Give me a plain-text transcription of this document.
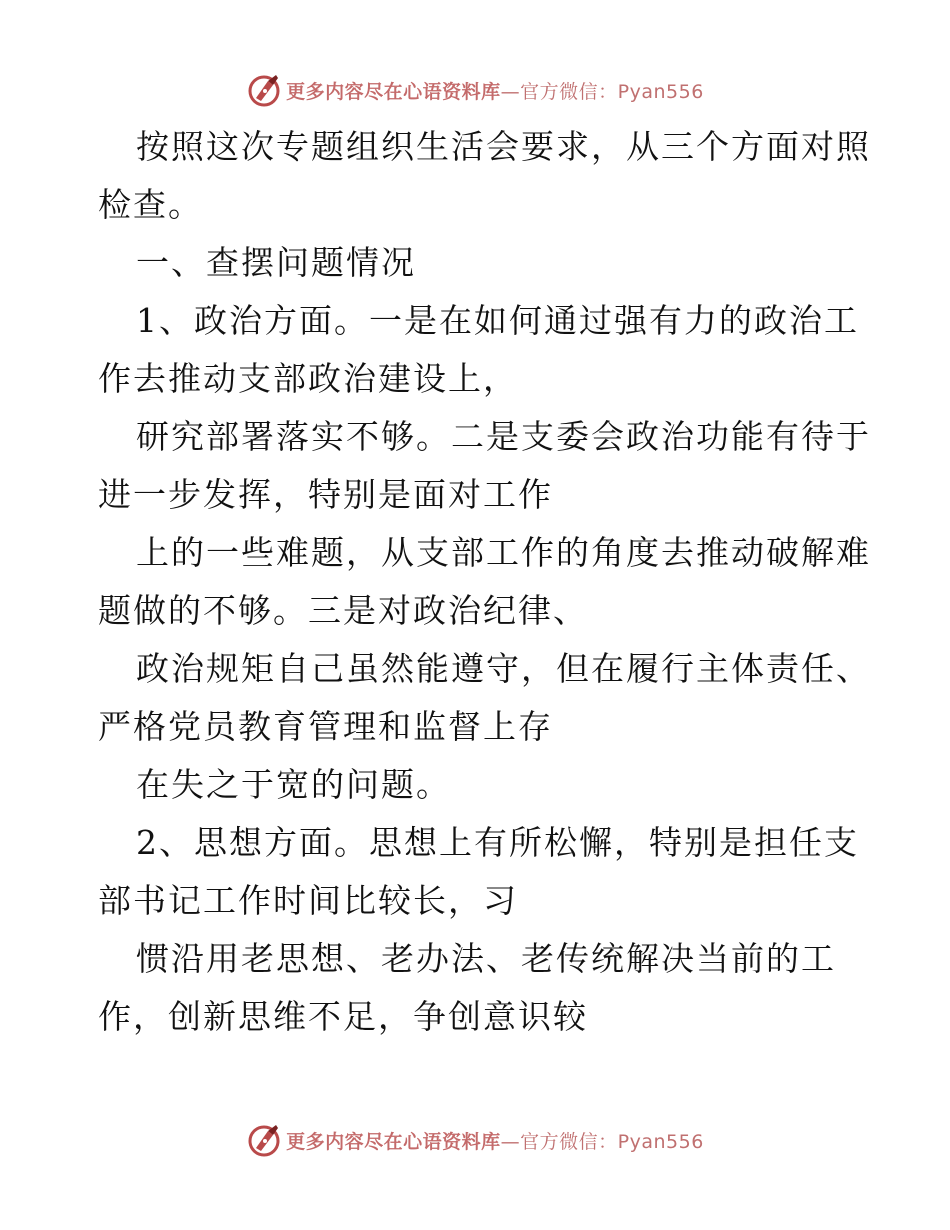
更多内容尽在心语资料库—官方微信：Pyan556
按照这次专题组织生活会要求，从三个方面对照
检查。
一、查摆问题情况
1、政治方面。一是在如何通过强有力的政治工
作去推动支部政治建设上，
研究部署落实不够。二是支委会政治功能有待于
进一步发挥，特别是面对工作
上的一些难题，从支部工作的角度去推动破解难
题做的不够。三是对政治纪律、
政治规矩自己虽然能遵守，但在履行主体责任、
严格党员教育管理和监督上存
在失之于宽的问题。
2、思想方面。思想上有所松懈，特别是担任支
部书记工作时间比较长，习
惯沿用老思想、老办法、老传统解决当前的工
作，创新思维不足，争创意识较
更多内容尽在心语资料库—官方微信：Pyan556
